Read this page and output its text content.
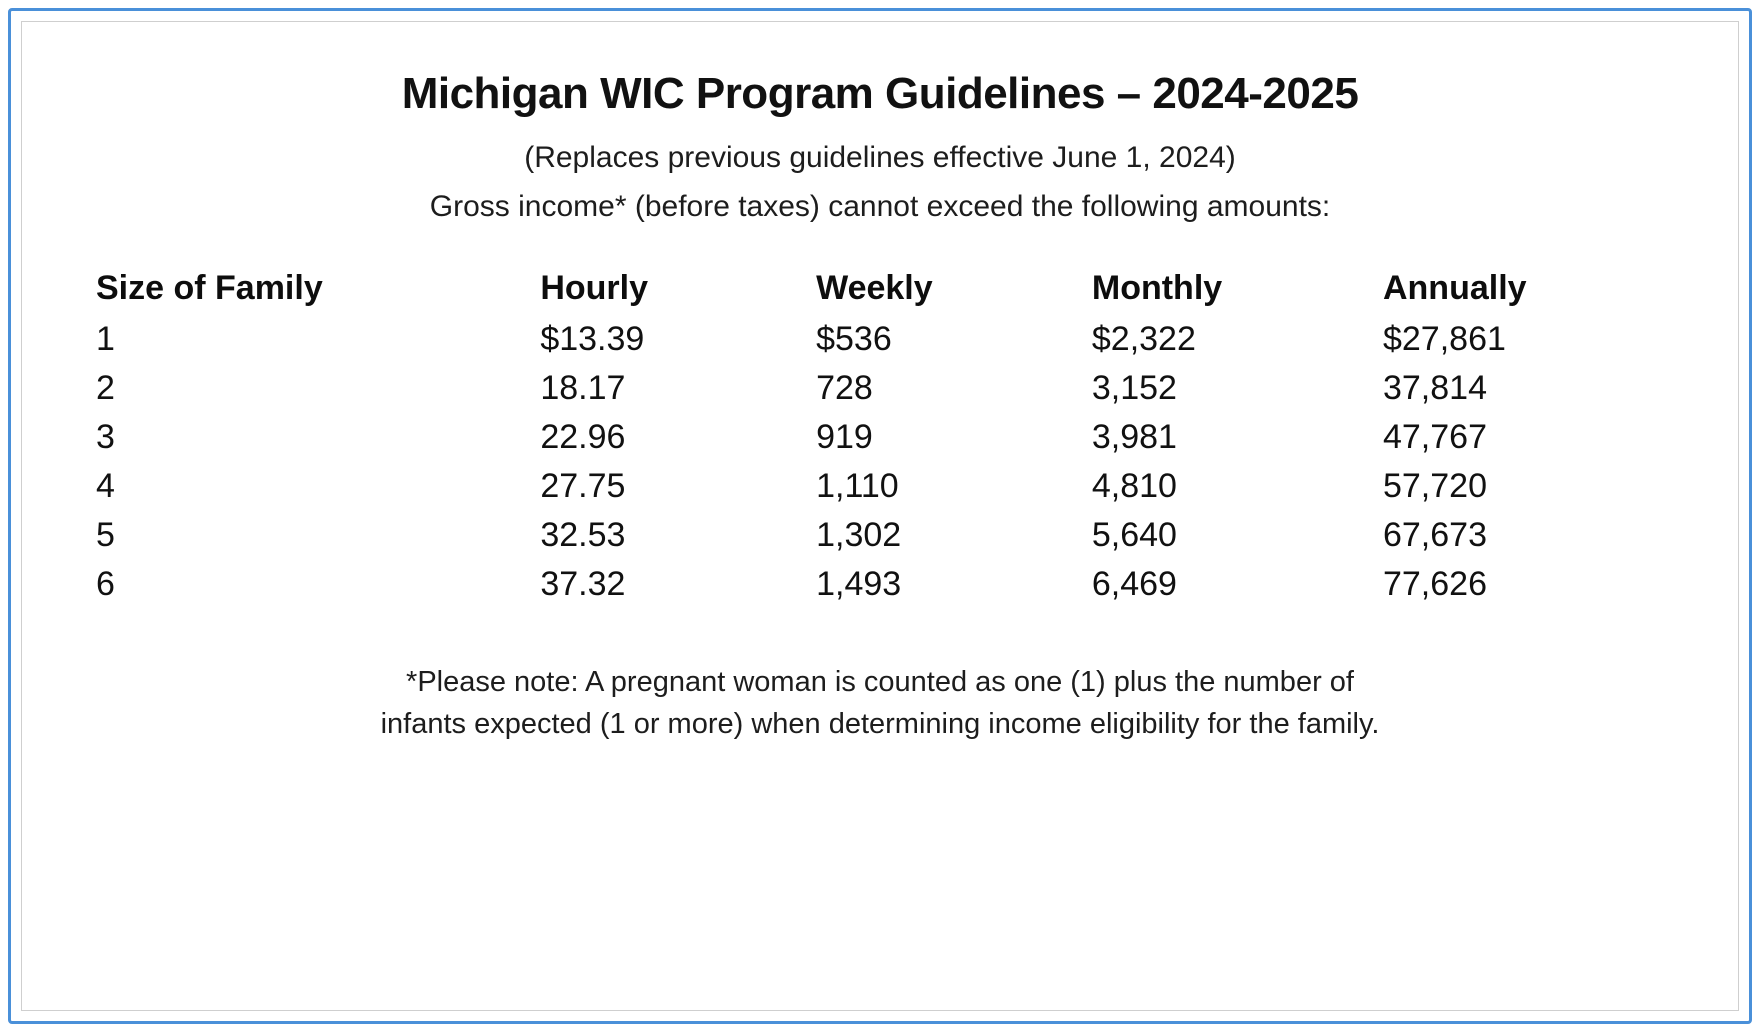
Michigan WIC Program Guidelines – 2024-2025

(Replaces previous guidelines effective June 1, 2024)

Gross income* (before taxes) cannot exceed the following amounts:

Size of Family	Hourly	Weekly	Monthly	Annually
1	$13.39	$536	$2,322	$27,861
2	18.17	728	3,152	37,814
3	22.96	919	3,981	47,767
4	27.75	1,110	4,810	57,720
5	32.53	1,302	5,640	67,673
6	37.32	1,493	6,469	77,626
*Please note: A pregnant woman is counted as one (1) plus the number of
infants expected (1 or more) when determining income eligibility for the family.
